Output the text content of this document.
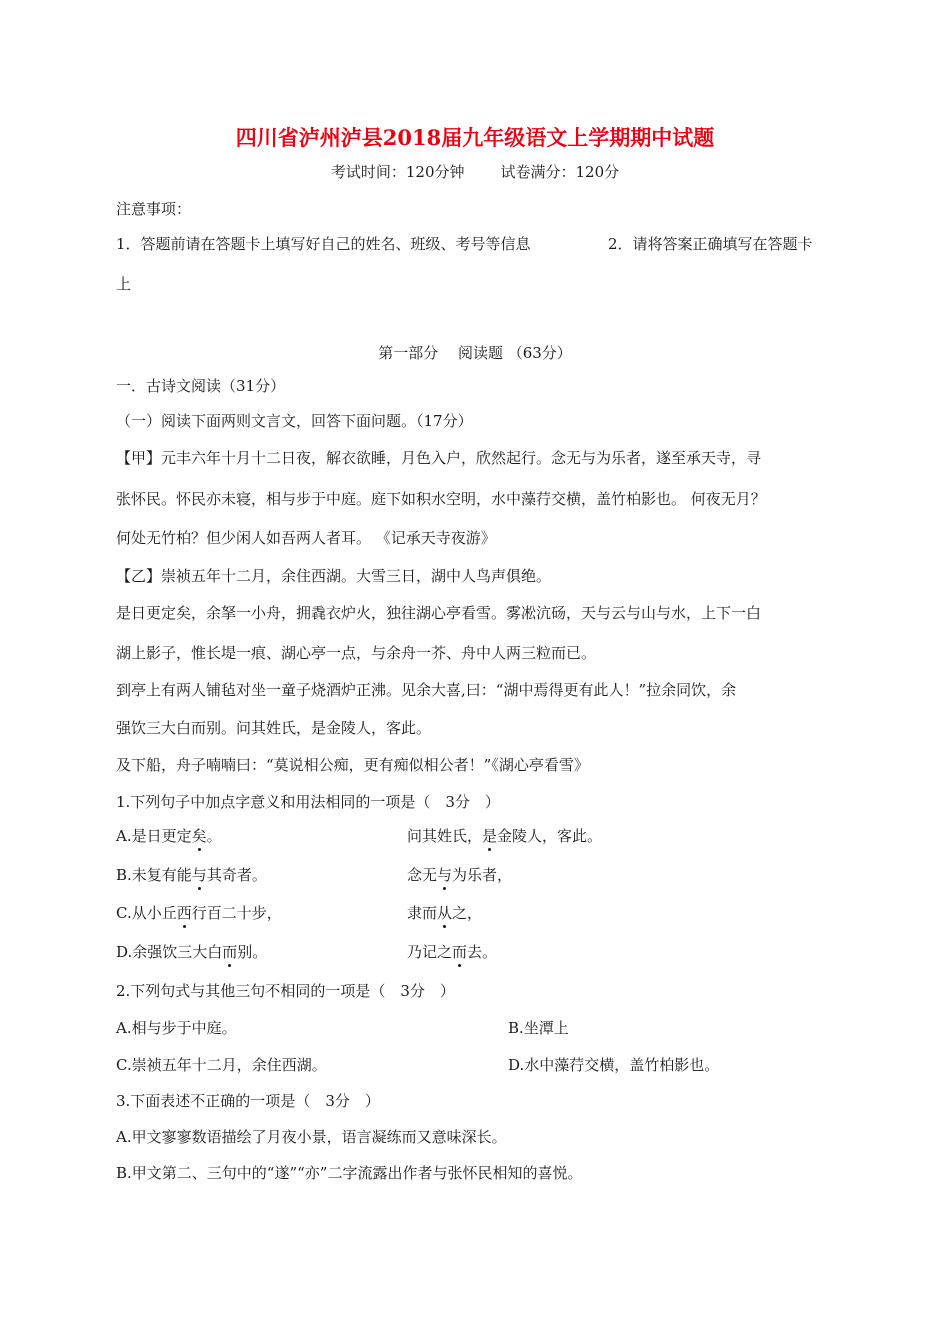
四川省泸州泸县2018届九年级语文上学期期中试题
考试时间：120分钟 试卷满分：120分
注意事项：
1．答题前请在答题卡上填写好自己的姓名、班级、考号等信息	2．请将答案正确填写在答题卡
上
第一部分　 阅读题 （63分）
一．古诗文阅读（31分）
（一）阅读下面两则文言文，回答下面问题。（17分）
【甲】元丰六年十月十二日夜，解衣欲睡，月色入户，欣然起行。念无与为乐者，遂至承天寺，寻
张怀民。怀民亦未寝，相与步于中庭。庭下如积水空明，水中藻荇交横，盖竹柏影也。 何夜无月？
何处无竹柏？但少闲人如吾两人者耳。 《记承天寺夜游》
【乙】崇祯五年十二月，余住西湖。大雪三日，湖中人鸟声俱绝。
是日更定矣，余拏一小舟，拥毳衣炉火，独往湖心亭看雪。雾凇沆砀，天与云与山与水，上下一白
湖上影子，惟长堤一痕、湖心亭一点，与余舟一芥、舟中人两三粒而已。
到亭上有两人铺毡对坐一童子烧酒炉正沸。见余大喜,曰：“湖中焉得更有此人！”拉余同饮，余
强饮三大白而别。问其姓氏，是金陵人，客此。
及下船，舟子喃喃曰：“莫说相公痴，更有痴似相公者！”《湖心亭看雪》
1.下列句子中加点字意义和用法相同的一项是（　3分　）
A.是日更定矣。	问其姓氏，是金陵人，客此。
B.未复有能与其奇者。	念无与为乐者，
C.从小丘西行百二十步，	隶而从之，
D.余强饮三大白而别。	乃记之而去。
2.下列句式与其他三句不相同的一项是（　3分　）
A.相与步于中庭。	B.坐潭上
C.崇祯五年十二月，余住西湖。	D.水中藻荇交横，盖竹柏影也。
3.下面表述不正确的一项是（　3分　）
A.甲文寥寥数语描绘了月夜小景，语言凝练而又意味深长。
B.甲文第二、三句中的“遂”“亦”二字流露出作者与张怀民相知的喜悦。
